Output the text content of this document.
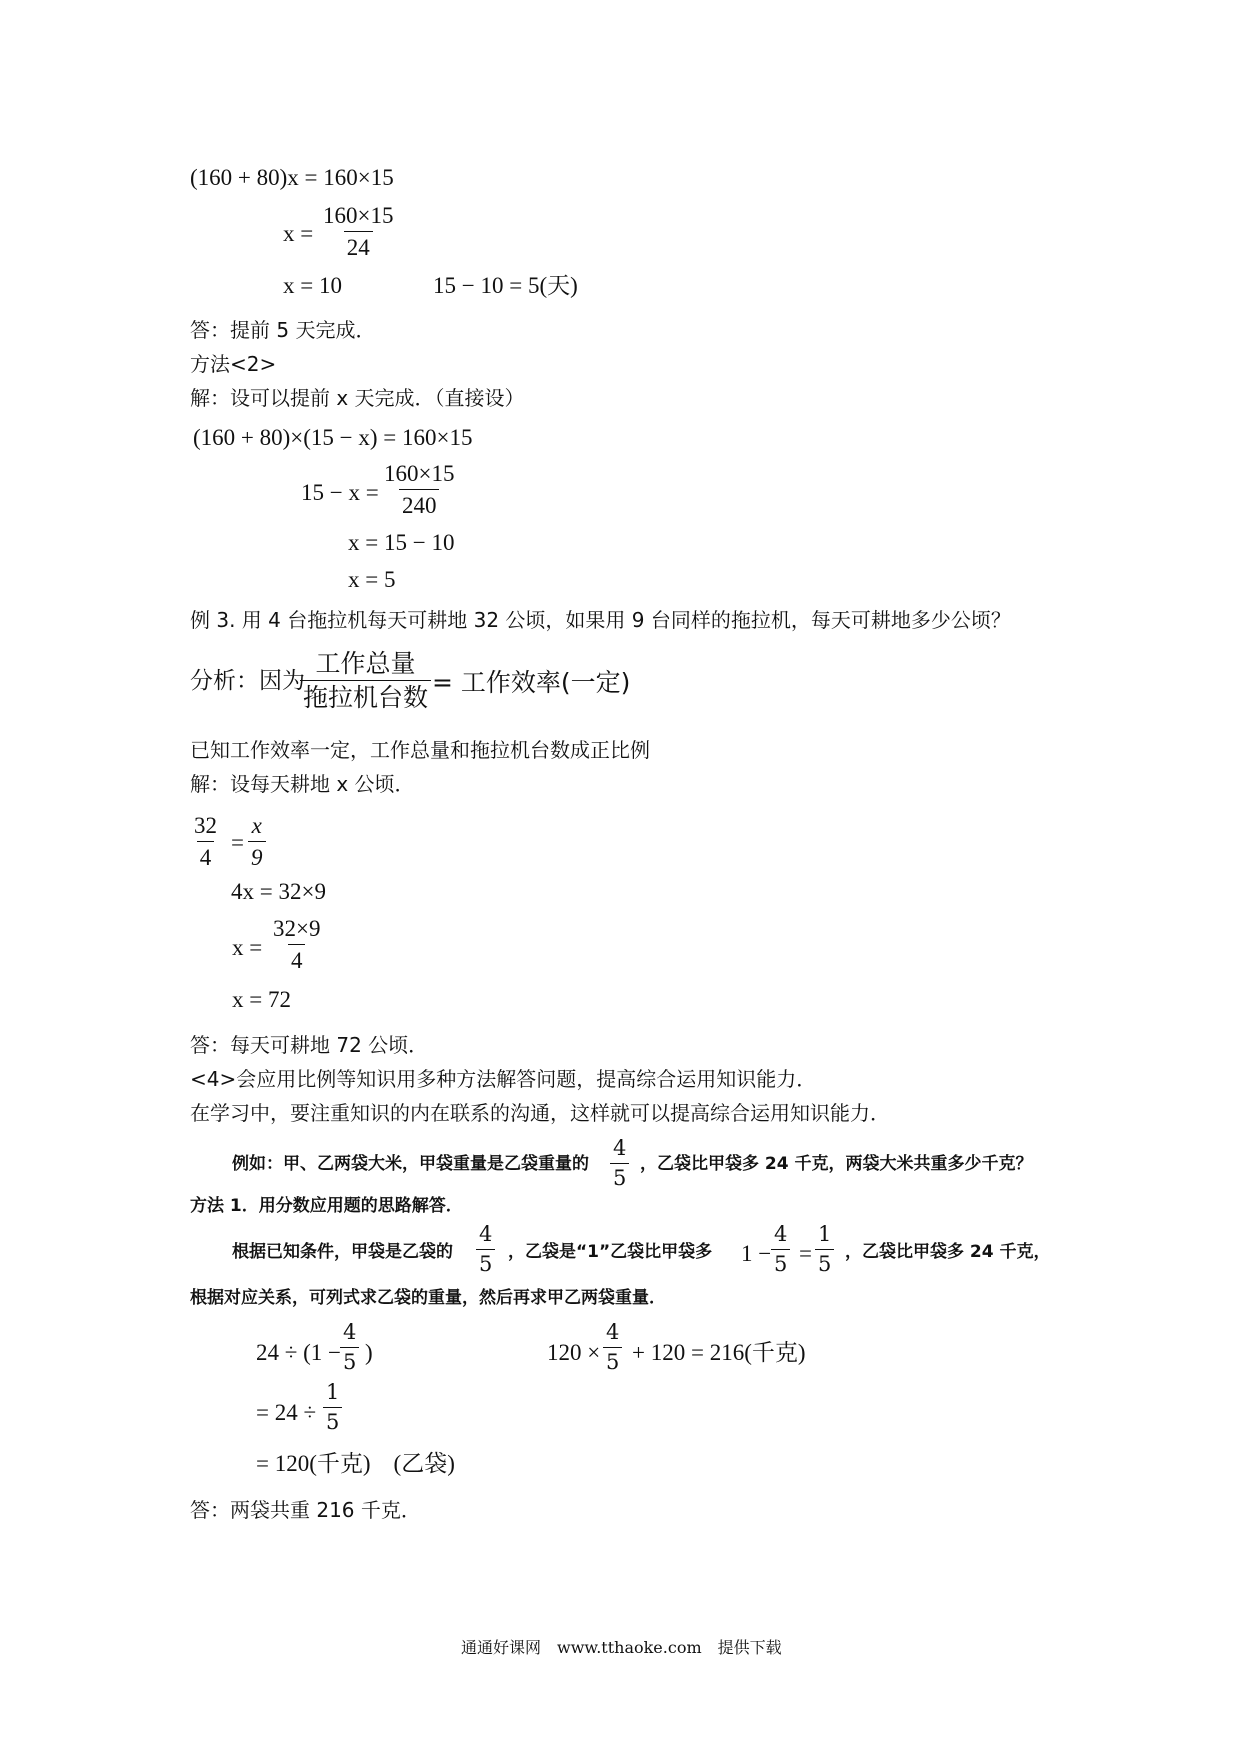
(160 + 80)x = 160×15
$x = \frac{160\times 15}{24}$
x = 10	15 − 10 = 5(天)
答：提前 5 天完成．
方法<2>
解：设可以提前 x 天完成．（直接设）
(160 + 80)×(15 − x) = 160×15
$15 - x = \frac{160\times 15}{240}$
x = 15 − 10
x = 5
例 3. 用 4 台拖拉机每天可耕地 32 公顷，如果用 9 台同样的拖拉机，每天可耕地多少公顷？
分析：因为
工作总量
拖拉机台数
= 工作效率(一定)
已知工作效率一定，工作总量和拖拉机台数成正比例
解：设每天耕地 x 公顷．
$\frac{32}{4} = \frac{x}{9}$
4x = 32×9
$x = \frac{32\times 9}{4}$
x = 72
答：每天可耕地 72 公顷．
<4>会应用比例等知识用多种方法解答问题，提高综合运用知识能力．
在学习中，要注重知识的内在联系的沟通，这样就可以提高综合运用知识能力．
例如：甲、乙两袋大米，甲袋重量是乙袋重量的 $\frac{4}{5}$ ，乙袋比甲袋多 24 千克，两袋大米共重多少千克？
方法 1．用分数应用题的思路解答．
根据已知条件，甲袋是乙袋的 $\frac{4}{5}$ ，乙袋是“1”乙袋比甲袋多 $1 - \frac{4}{5} = \frac{1}{5}$ ，乙袋比甲袋多 24 千克，
根据对应关系，可列式求乙袋的重量，然后再求甲乙两袋重量．
24 ÷ (1 −
$\frac{4}{5}$ )	$120 \times \frac{4}{5} + 120 = 216$(千克)
= $24 \div \frac{1}{5}$
= 120(千克)　(乙袋)
答：两袋共重 216 千克．
通通好课网　www.tthaoke.com　提供下载
